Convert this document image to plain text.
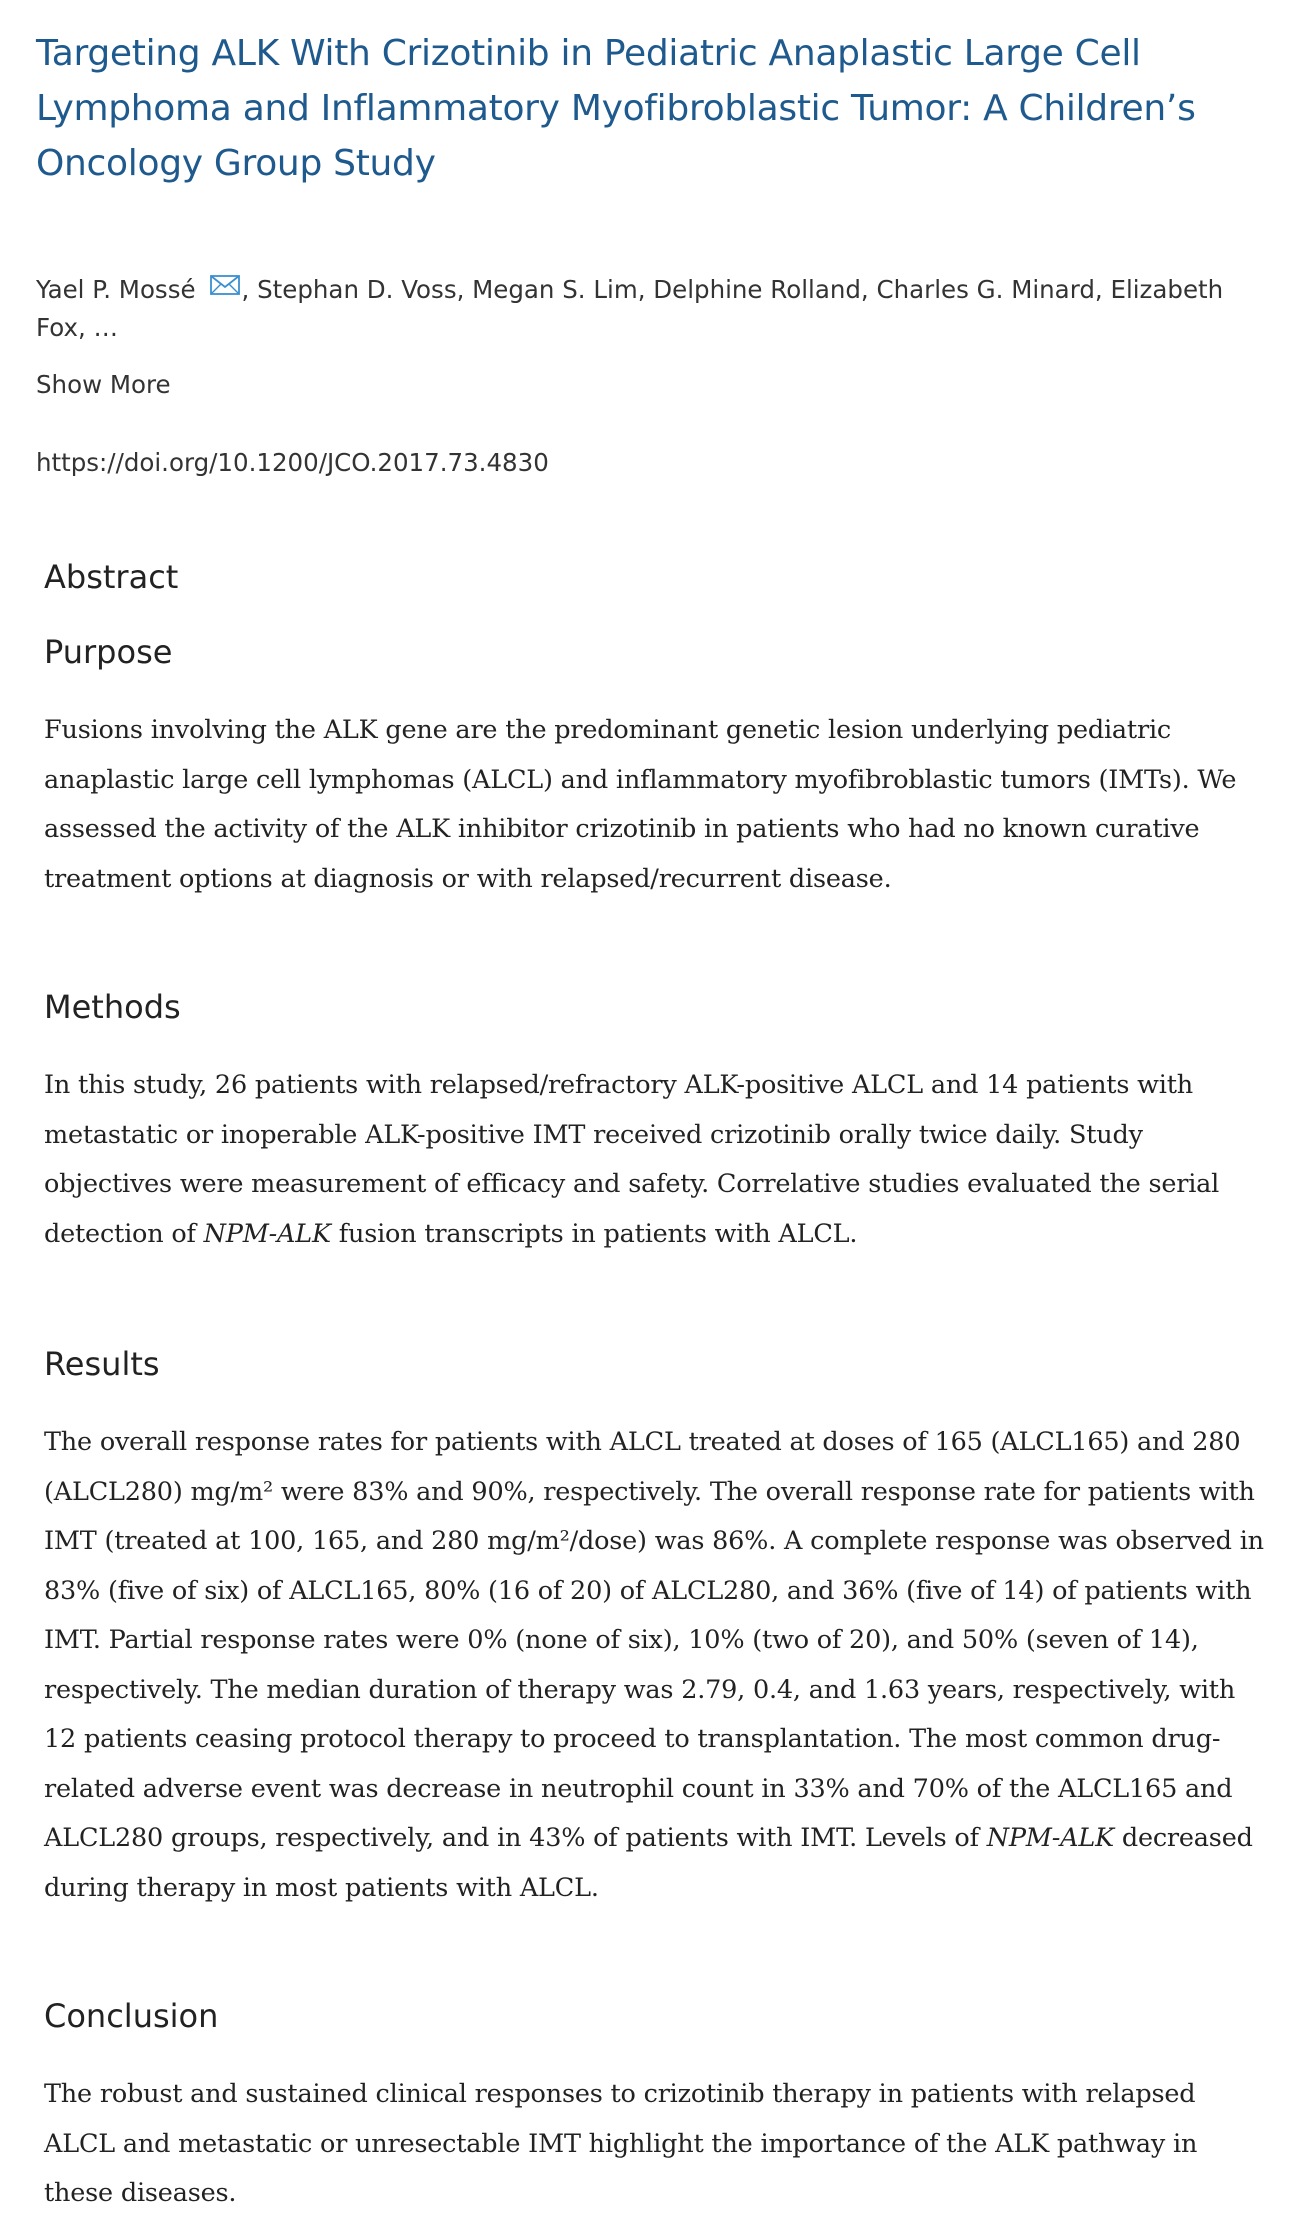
Targeting ALK With Crizotinib in Pediatric Anaplastic Large Cell Lymphoma and Inflammatory Myofibroblastic Tumor: A Children’s Oncology Group Study
Yael P. Mossé , Stephan D. Voss, Megan S. Lim, Delphine Rolland, Charles G. Minard, Elizabeth Fox, …
Show More
https://doi.org/10.1200/JCO.2017.73.4830
Abstract
Purpose

Fusions involving the ALK gene are the predominant genetic lesion underlying pediatric anaplastic large cell lymphomas (ALCL) and inflammatory myofibroblastic tumors (IMTs). We assessed the activity of the ALK inhibitor crizotinib in patients who had no known curative treatment options at diagnosis or with relapsed/recurrent disease.

Methods

In this study, 26 patients with relapsed/refractory ALK-positive ALCL and 14 patients with metastatic or inoperable ALK-positive IMT received crizotinib orally twice daily. Study objectives were measurement of efficacy and safety. Correlative studies evaluated the serial detection of NPM-ALK fusion transcripts in patients with ALCL.

Results

The overall response rates for patients with ALCL treated at doses of 165 (ALCL165) and 280 (ALCL280) mg/m² were 83% and 90%, respectively. The overall response rate for patients with IMT (treated at 100, 165, and 280 mg/m²/dose) was 86%. A complete response was observed in 83% (five of six) of ALCL165, 80% (16 of 20) of ALCL280, and 36% (five of 14) of patients with IMT. Partial response rates were 0% (none of six), 10% (two of 20), and 50% (seven of 14), respectively. The median duration of therapy was 2.79, 0.4, and 1.63 years, respectively, with 12 patients ceasing protocol therapy to proceed to transplantation. The most common drug-related adverse event was decrease in neutrophil count in 33% and 70% of the ALCL165 and ALCL280 groups, respectively, and in 43% of patients with IMT. Levels of NPM-ALK decreased during therapy in most patients with ALCL.

Conclusion

The robust and sustained clinical responses to crizotinib therapy in patients with relapsed ALCL and metastatic or unresectable IMT highlight the importance of the ALK pathway in these diseases.
